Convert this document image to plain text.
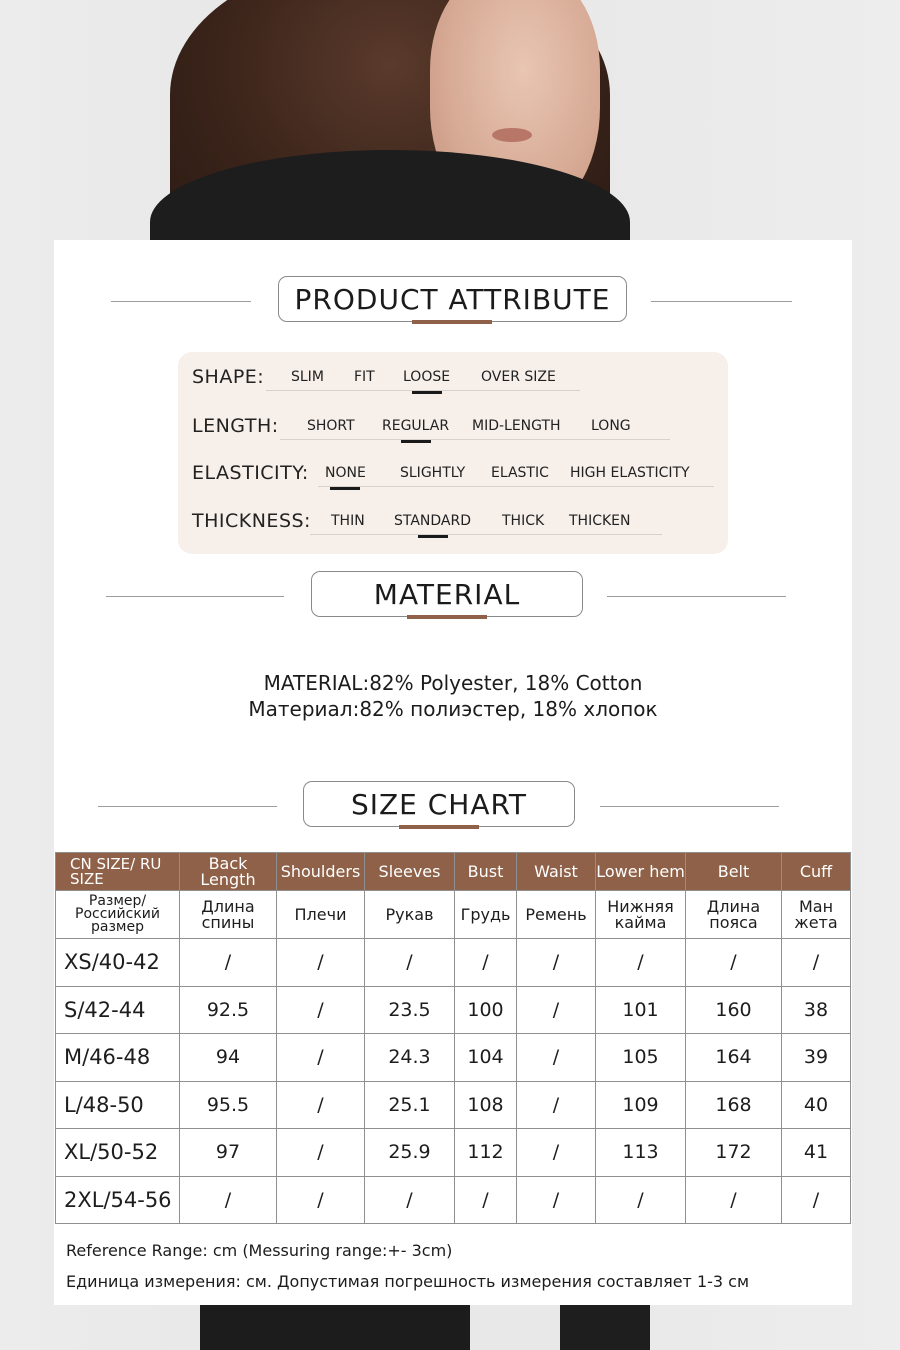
PRODUCT ATTRIBUTE
SHAPE: SLIM FIT LOOSE OVER SIZE
LENGTH: SHORT REGULAR MID-LENGTH LONG
ELASTICITY: NONE SLIGHTLY ELASTIC HIGH ELASTICITY
THICKNESS: THIN STANDARD THICK THICKEN
MATERIAL
MATERIAL:82% Polyester, 18% Cotton
Материал:82% полиэстер, 18% хлопок
SIZE CHART
CN SIZE/ RU SIZE	Back Length	Shoulders	Sleeves	Bust	Waist	Lower hem	Belt	Cuff
Размер/ Российский размер	Длина спины	Плечи	Рукав	Грудь	Ремень	Нижняя кайма	Длина пояса	Ман жета
XS/40-42	/	/	/	/	/	/	/	/
S/42-44	92.5	/	23.5	100	/	101	160	38
M/46-48	94	/	24.3	104	/	105	164	39
L/48-50	95.5	/	25.1	108	/	109	168	40
XL/50-52	97	/	25.9	112	/	113	172	41
2XL/54-56	/	/	/	/	/	/	/	/
Reference Range: cm (Messuring range:+- 3cm)
Единица измерения: см. Допустимая погрешность измерения составляет 1-3 см
